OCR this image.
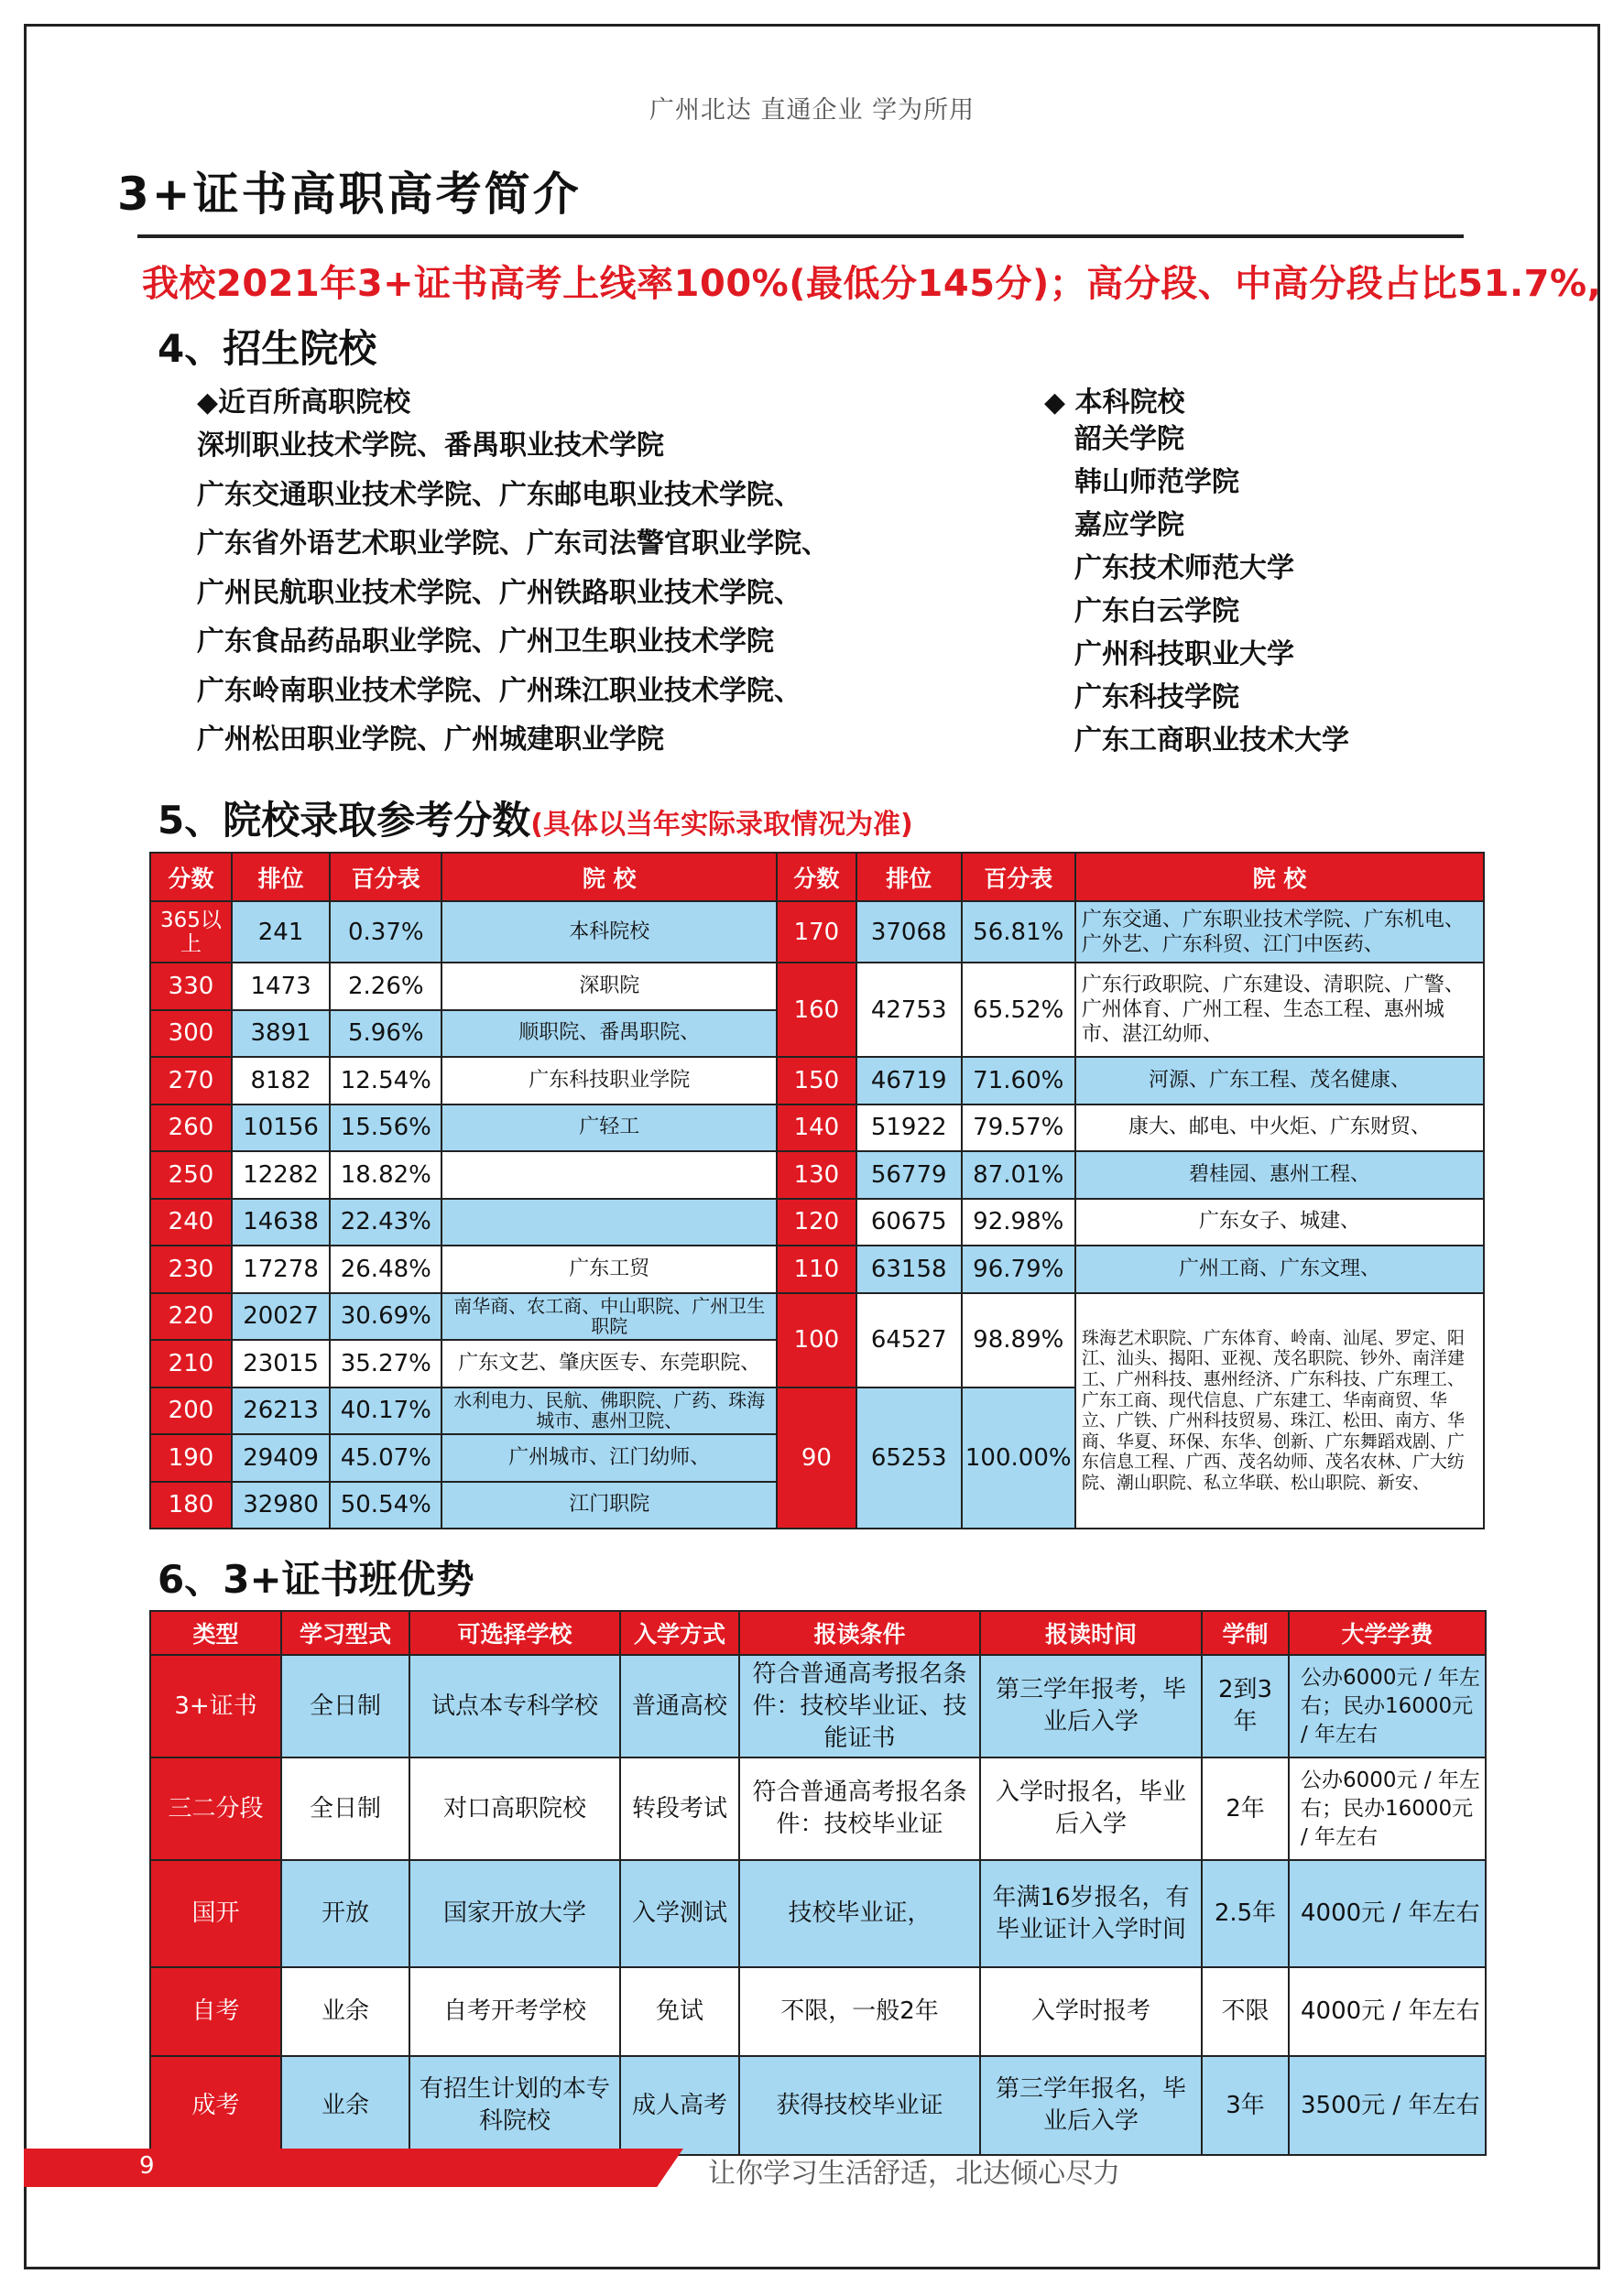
广州北达 直通企业 学为所用
3+证书高职高考简介
我校2021年3+证书高考上线率100%(最低分145分)；高分段、中高分段占比51.7%,
4、招生院校
◆近百所高职院校
深圳职业技术学院、番禺职业技术学院
广东交通职业技术学院、广东邮电职业技术学院、
广东省外语艺术职业学院、广东司法警官职业学院、
广州民航职业技术学院、广州铁路职业技术学院、
广东食品药品职业学院、广州卫生职业技术学院
广东岭南职业技术学院、广州珠江职业技术学院、
广州松田职业学院、广州城建职业学院
◆ 本科院校
韶关学院
韩山师范学院
嘉应学院
广东技术师范大学
广东白云学院
广州科技职业大学
广东科技学院
广东工商职业技术大学
5、院校录取参考分数(具体以当年实际录取情况为准)
分数	排位	百分表	院 校	分数	排位	百分表	院 校
365以上	241	0.37%	本科院校	170	37068	56.81%	广东交通、广东职业技术学院、广东机电、广外艺、广东科贸、江门中医药、
330	1473	2.26%	深职院	160	42753	65.52%	广东行政职院、广东建设、清职院、广警、广州体育、广州工程、生态工程、惠州城市、湛江幼师、
300	3891	5.96%	顺职院、番禺职院、				
270	8182	12.54%	广东科技职业学院	150	46719	71.60%	河源、广东工程、茂名健康、
260	10156	15.56%	广轻工	140	51922	79.57%	康大、邮电、中火炬、广东财贸、
250	12282	18.82%		130	56779	87.01%	碧桂园、惠州工程、
240	14638	22.43%		120	60675	92.98%	广东女子、城建、
230	17278	26.48%	广东工贸	110	63158	96.79%	广州工商、广东文理、
220	20027	30.69%	南华商、农工商、中山职院、广州卫生职院	100	64527	98.89%	珠海艺术职院、广东体育、岭南、汕尾、罗定、阳江、汕头、揭阳、亚视、茂名职院、钞外、南洋建工、广州科技、惠州经济、广东科技、广东理工、广东工商、现代信息、广东建工、华南商贸、华立、广铁、广州科技贸易、珠江、松田、南方、华商、华夏、环保、东华、创新、广东舞蹈戏剧、广东信息工程、广西、茂名幼师、茂名农林、广大纺院、潮山职院、私立华联、松山职院、新安、
210	23015	35.27%	广东文艺、肇庆医专、东莞职院、				
200	26213	40.17%	水利电力、民航、佛职院、广药、珠海城市、惠州卫院、	90	65253	100.00%	
190	29409	45.07%	广州城市、江门幼师、				
180	32980	50.54%	江门职院				
6、3+证书班优势
类型	学习型式	可选择学校	入学方式	报读条件	报读时间	学制	大学学费
3+证书	全日制	试点本专科学校	普通高校	符合普通高考报名条件：技校毕业证、技能证书	第三学年报考，毕业后入学	2到3年	公办6000元 / 年左右；民办16000元 / 年左右
三二分段	全日制	对口高职院校	转段考试	符合普通高考报名条件：技校毕业证	入学时报名，毕业后入学	2年	公办6000元 / 年左右；民办16000元 / 年左右
国开	开放	国家开放大学	入学测试	技校毕业证，	年满16岁报名，有毕业证计入学时间	2.5年	4000元 / 年左右
自考	业余	自考开考学校	免试	不限，一般2年	入学时报考	不限	4000元 / 年左右
成考	业余	有招生计划的本专科院校	成人高考	获得技校毕业证	第三学年报名，毕业后入学	3年	3500元 / 年左右
9	让你学习生活舒适，北达倾心尽力
